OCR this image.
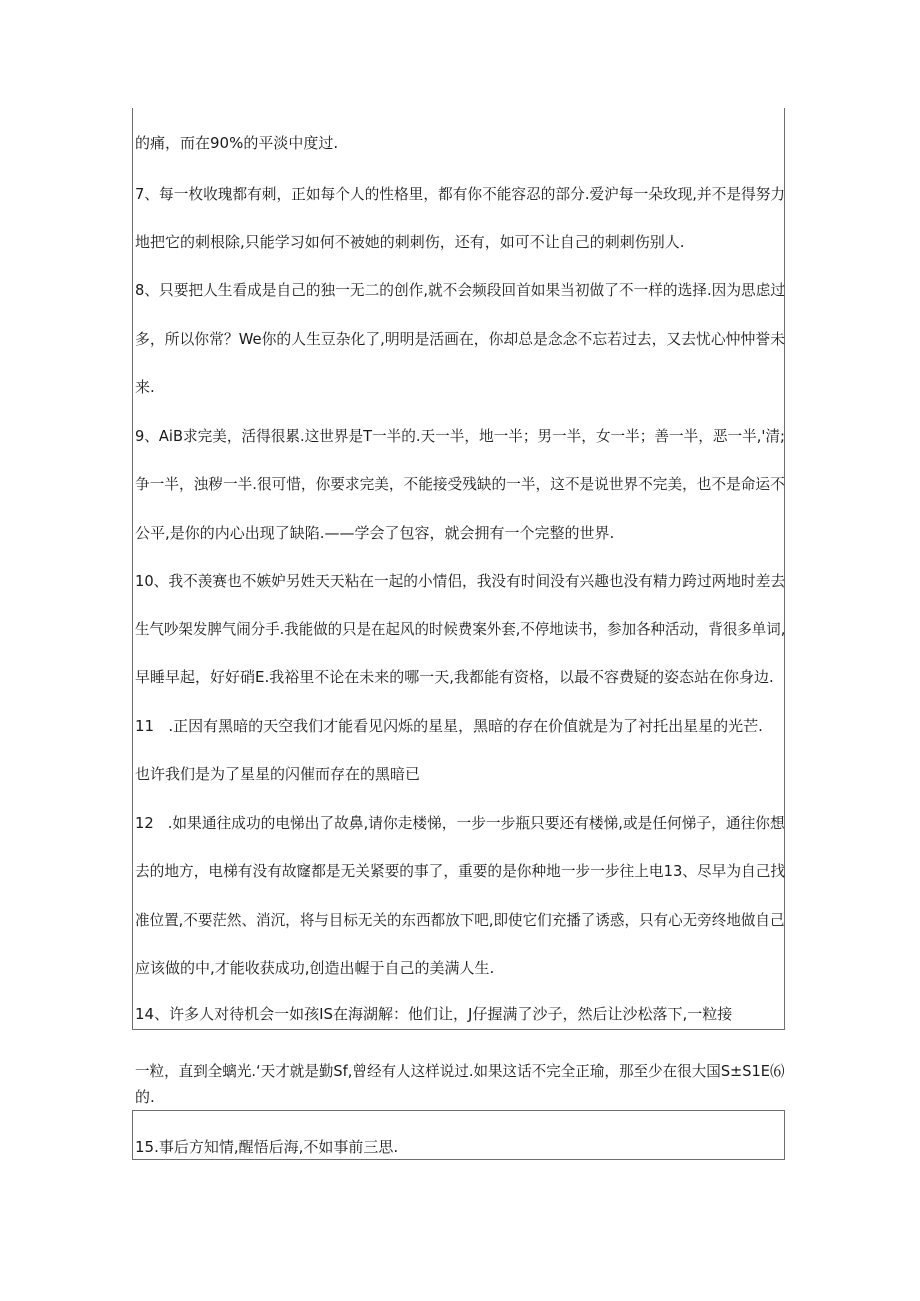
的痛，而在90%的平淡中度过.
7、每一枚收瑰都有刺，正如每个人的性格里，都有你不能容忍的部分.爱沪每一朵玫现,并不是得努力
地把它的刺根除,只能学习如何不被她的刺刺伤，还有，如可不让自己的刺刺伤别人.
8、只要把人生看成是自己的独一无二的创作,就不会频段回首如果当初做了不一样的选择.因为思虑过
多，所以你常？We你的人生豆杂化了,明明是活画在，你却总是念念不忘若过去，又去忧心忡忡誉未
来.
9、AiB求完美，活得很累.这世界是T一半的.天一半，地一半；男一半，女一半；善一半，恶一半,'清;
争一半，浊秽一半.很可惜，你要求完美，不能接受残缺的一半，这不是说世界不完美，也不是命运不
公平,是你的内心出现了缺陷.——学会了包容，就会拥有一个完整的世界.
10、我不羡赛也不嫉妒另姓天天粘在一起的小情侣，我没有时间没有兴趣也没有精力跨过两地时差去
生气吵架发脾气闹分手.我能做的只是在起风的时候费案外套,不停地读书，参加各种活动，背很多单词,
早睡早起，好好硝E.我裕里不论在未来的哪一天,我都能有资格，以最不容费疑的姿态站在你身边.
11   .正因有黑暗的天空我们才能看见闪烁的星星，黑暗的存在价值就是为了衬托出星星的光芒.
也许我们是为了星星的闪催而存在的黑暗已
12   .如果通往成功的电悌出了故鼻,请你走楼悌，一步一步瓶只要还有楼悌,或是任何悌子，通往你想
去的地方，电梯有没有故窿都是无关紧要的事了，重要的是你种地一步一步往上电13、尽早为自己找
准位置,不要茫然、消沉，将与目标无关的东西都放下吧,即使它们充播了诱惑，只有心无旁终地做自己
应该做的中,才能收获成功,创造出幄于自己的美满人生.
14、许多人对待机会一如孩IS在海湖解：他们让，J仔握满了沙子，然后让沙松落下,一粒接
一粒，直到全螭光.‘天才就是勤Sf,曾经有人这样说过.如果这话不完全正瑜，那至少在很大国S±S1E⑹
的.
15.事后方知情,醒悟后海,不如事前三思.
